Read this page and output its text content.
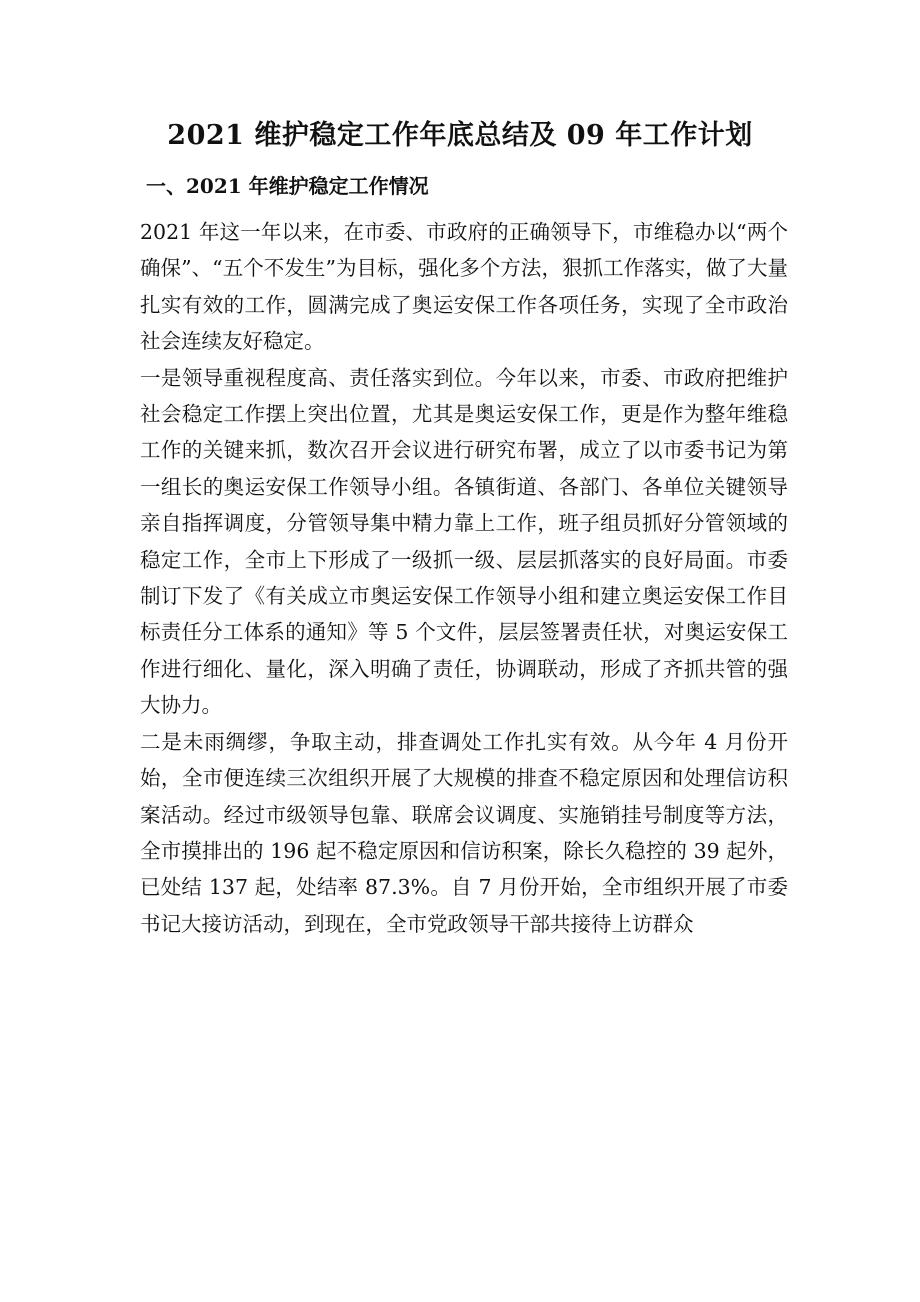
2021 维护稳定工作年底总结及 09 年工作计划
一、2021 年维护稳定工作情况

2021 年这一年以来，在市委、市政府的正确领导下，市维稳办以“两个确保”、“五个不发生”为目标，强化多个方法，狠抓工作落实，做了大量扎实有效的工作，圆满完成了奥运安保工作各项任务，实现了全市政治社会连续友好稳定。

一是领导重视程度高、责任落实到位。今年以来，市委、市政府把维护社会稳定工作摆上突出位置，尤其是奥运安保工作，更是作为整年维稳工作的关键来抓，数次召开会议进行研究布署，成立了以市委书记为第一组长的奥运安保工作领导小组。各镇街道、各部门、各单位关键领导亲自指挥调度，分管领导集中精力靠上工作，班子组员抓好分管领域的稳定工作，全市上下形成了一级抓一级、层层抓落实的良好局面。市委制订下发了《有关成立市奥运安保工作领导小组和建立奥运安保工作目标责任分工体系的通知》等 5 个文件，层层签署责任状，对奥运安保工作进行细化、量化，深入明确了责任，协调联动，形成了齐抓共管的强大协力。

二是未雨绸缪，争取主动，排查调处工作扎实有效。从今年 4 月份开始，全市便连续三次组织开展了大规模的排查不稳定原因和处理信访积案活动。经过市级领导包靠、联席会议调度、实施销挂号制度等方法，全市摸排出的 196 起不稳定原因和信访积案，除长久稳控的 39 起外，已处结 137 起，处结率 87.3%。自 7 月份开始，全市组织开展了市委书记大接访活动，到现在，全市党政领导干部共接待上访群众
